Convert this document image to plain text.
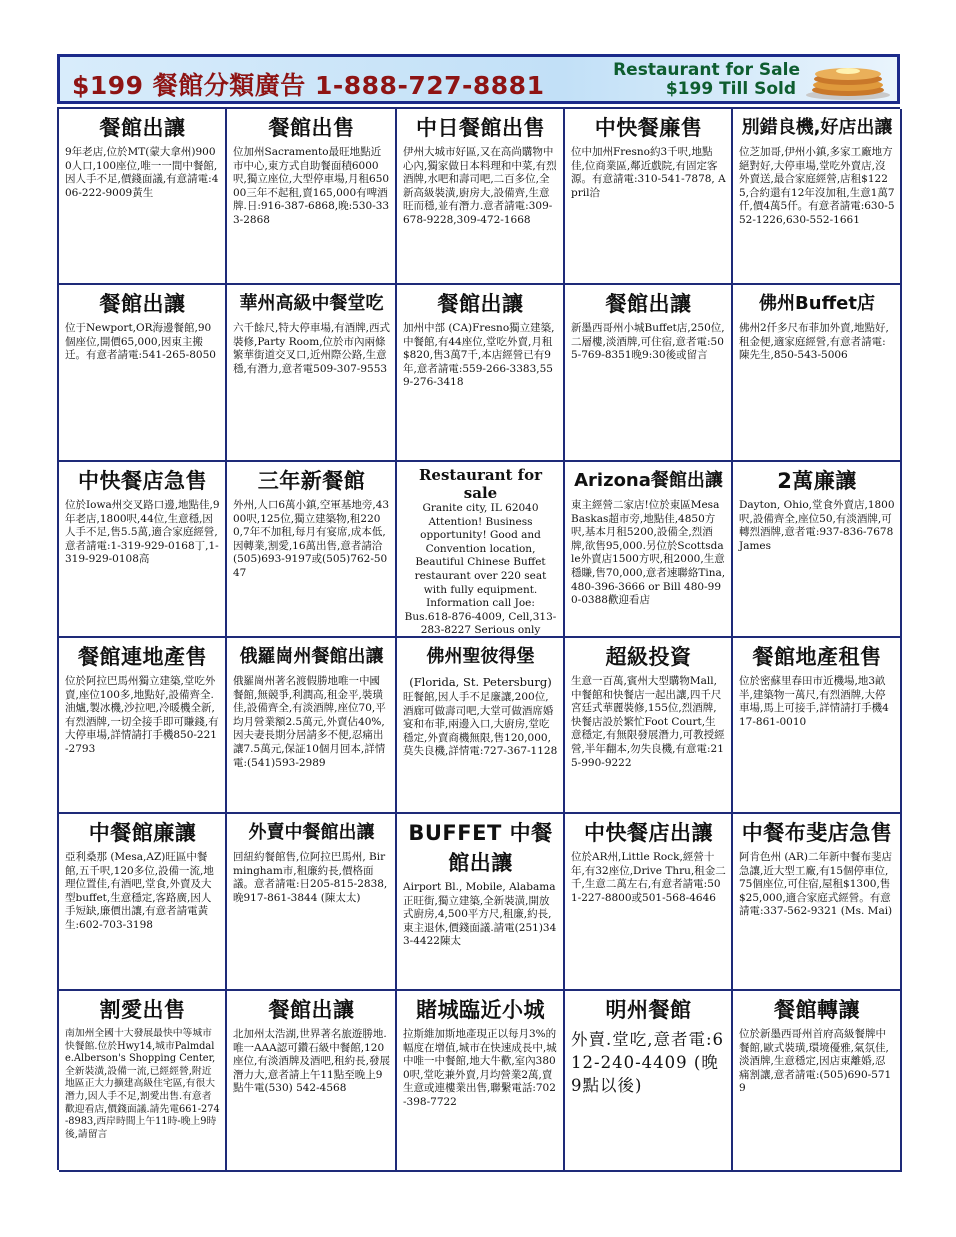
$199 餐館分類廣告 1-888-727-8881
Restaurant for Sale
$199 Till Sold
餐館出讓
9年老店,位於MT(蒙大拿州)9000人口,100座位,唯一一間中餐館,因人手不足,價錢面議,有意請電:406-222-9009黃生
餐館出售
位加州Sacramento最旺地點近市中心,東方式自助餐面積6000呎,獨立座位,大型停車場,月租65000三年不起租,賣165,000有啤酒牌.日:916-387-6868,晚:530-333-2868
中日餐館出售
伊州大城市好區,又在高尚購物中心內,獨家做日本料理和中菜,有烈酒牌,水吧和壽司吧,二百多位,全新高級裝潢,廚房大,設備齊,生意旺而穩,並有潛力.意者請電:309-678-9228,309-472-1668
中快餐廉售
位中加州Fresno約3千呎,地點佳,位商業區,鄰近戲院,有固定客源。有意請電:310-541-7878, April洽
別錯良機,好店出讓
位芝加哥,伊州小鎮,多家工廠地方絕對好,大停車場,堂吃外賣店,沒外賣送,最合家庭經營,店租$1225,合約還有12年沒加租,生意1萬7仟,價4萬5仟。有意者請電:630-552-1226,630-552-1661
餐館出讓
位于Newport,OR海邊餐館,90個座位,開價65,000,因東主搬迁。有意者請電:541-265-8050
華州高級中餐堂吃
六千餘尺,特大停車場,有酒牌,西式裝修,Party Room,位於市內兩條繁華街道交叉口,近州際公路,生意穩,有潛力,意者電509-307-9553
餐館出讓
加州中部 (CA)Fresno獨立建築,中餐館,有44座位,堂吃外賣,月租$820,售3萬7千,本店經營已有9年,意者請電:559-266-3383,559-276-3418
餐館出讓
新墨西哥州小城Buffet店,250位,二層樓,淡酒牌,可住宿,意者電:505-769-8351晚9:30後或留言
佛州Buffet店
佛州2仟多尺布菲加外賣,地點好,租金便,適家庭經營,有意者請電:陳先生,850-543-5006
中快餐店急售
位於Iowa州交叉路口邊,地點佳,9年老店,1800呎,44位,生意穩,因人手不足,售5.5萬,適合家庭經營,意者請電:1-319-929-0168丁,1-319-929-0108高
三年新餐館
外州,人口6萬小鎮,空軍基地旁,4300呎,125位,獨立建築物,租2200,7年不加租,每月有宴席,成本低,因轉業,割愛,16萬出售,意者請洽 (505)693-9197或(505)762-5047
Restaurant for sale
Granite city, IL 62040 Attention! Business opportunity! Good and Convention location, Beautiful Chinese Buffet restaurant over 220 seat with fully equipment. Information call Joe: Bus.618-876-4009, Cell,313-283-8227 Serious only
Arizona餐館出讓
東主經營二家店!位於東區Mesa Baskas超市旁,地點佳,4850方呎,基本月租5200,設備全,烈酒牌,欲售95,000.另位於Scottsdale外賣店1500方呎,租2000,生意穩賺,售70,000,意者速聯絡Tina,480-396-3666 or Bill 480-990-0388歡迎看店
2萬廉讓
Dayton, Ohio,堂食外賣店,1800呎,設備齊全,座位50,有淡酒牌,可轉烈酒牌,意者電:937-836-7678 James
餐館連地產售
位於阿拉巴馬州獨立建築,堂吃外賣,座位100多,地點好,設備齊全.油爐,製冰機,沙拉吧,冷暖機全新,有烈酒牌,一切全接手即可賺錢,有大停車場,詳情請打手機850-221-2793
俄羅崗州餐館出讓
俄羅崗州著名渡假勝地唯一中國餐館,無競爭,利潤高,租金平,裝璜佳,設備齊全,有淡酒牌,座位70,平均月營業額2.5萬元,外賣佔40%,因夫妻長期分居請多不便,忍痛出讓7.5萬元,保証10個月回本,詳情電:(541)593-2989
佛州聖彼得堡
(Florida, St. Petersburg)
旺餐館,因人手不足廉讓,200位,酒廊可做壽司吧,大堂可做酒席婚宴和布菲,兩邊入口,大廚房,堂吃穩定,外賣商機無限,售120,000,莫失良機,詳情電:727-367-1128
超級投資
生意一百萬,賓州大型購物Mall,中餐館和快餐店一起出讓,四千尺宮廷式華麗裝修,155位,烈酒牌,快餐店設於繁忙Foot Court,生意穩定,有無限發展潛力,可教授經營,半年翻本,勿失良機,有意電:215-990-9222
餐館地產租售
位於密蘇里春田市近機場,地3畝半,建築物一萬尺,有烈酒牌,大停車場,馬上可接手,詳情請打手機417-861-0010
中餐館廉讓
亞利桑那 (Mesa,AZ)旺區中餐館,五千呎,120多位,設備一流,地理位置佳,有酒吧,堂食,外賣及大型buffet,生意穩定,客路廣,因人手短缺,廉價出讓,有意者請電黃生:602-703-3198
外賣中餐館出讓
回紐約餐館售,位阿拉巴馬州, Birmingham市,租廉約長,價格面議。意者請電:日205-815-2838,晚917-861-3844 (陳太太)
BUFFET 中餐館出讓
Airport Bl., Mobile, Alabama正旺街,獨立建築,全新裝潢,開放式廚房,4,500平方尺,租廉,約長,東主退休,價錢面議.請電(251)343-4422陳太
中快餐店出讓
位於AR州,Little Rock,經營十年,有32座位,Drive Thru,租金二千,生意二萬左右,有意者請電:501-227-8800或501-568-4646
中餐布斐店急售
阿肯色州 (AR)二年新中餐布斐店急讓,近大型工廠,有15個停車位,75個座位,可住宿,屋租$1300,售$25,000,適合家庭式經營。有意請電:337-562-9321 (Ms. Mai)
割愛出售
南加州全國十大發展最快中等城市快餐館.位於Hwy14,城市Palmdale.Alberson's Shopping Center,全新裝潢,設備一流,已經經營,附近地區正大力擴建高級住宅區,有很大潛力,因人手不足,割愛出售.有意者歡迎看店,價錢面議.請先電661-274-8983,西岸時間上午11時-晚上9時後,請留言
餐館出讓
北加州太浩湖,世界著名旅遊勝地.唯一AAA認可鑽石級中餐館,120座位,有淡酒牌及酒吧,租約長,發展潛力大,意者請上午11點至晚上9點牛電(530) 542-4568
賭城臨近小城
拉斯維加斯地產現正以每月3%的幅度在增值,城市在快速成長中,城中唯一中餐館,地大牛歡,室內3800呎,堂吃兼外賣,月均營業2萬,賣生意或連樓業出售,聯繫電話:702-398-7722
明州餐館
外賣.堂吃,意者電:612-240-4409 (晚9點以後)
餐館轉讓
位於新墨西哥州首府高級餐牌中餐館,歐式裝璜,環境優雅,氣氛佳,淡酒牌,生意穩定,因店東離婚,忍痛割讓,意者請電:(505)690-5719
